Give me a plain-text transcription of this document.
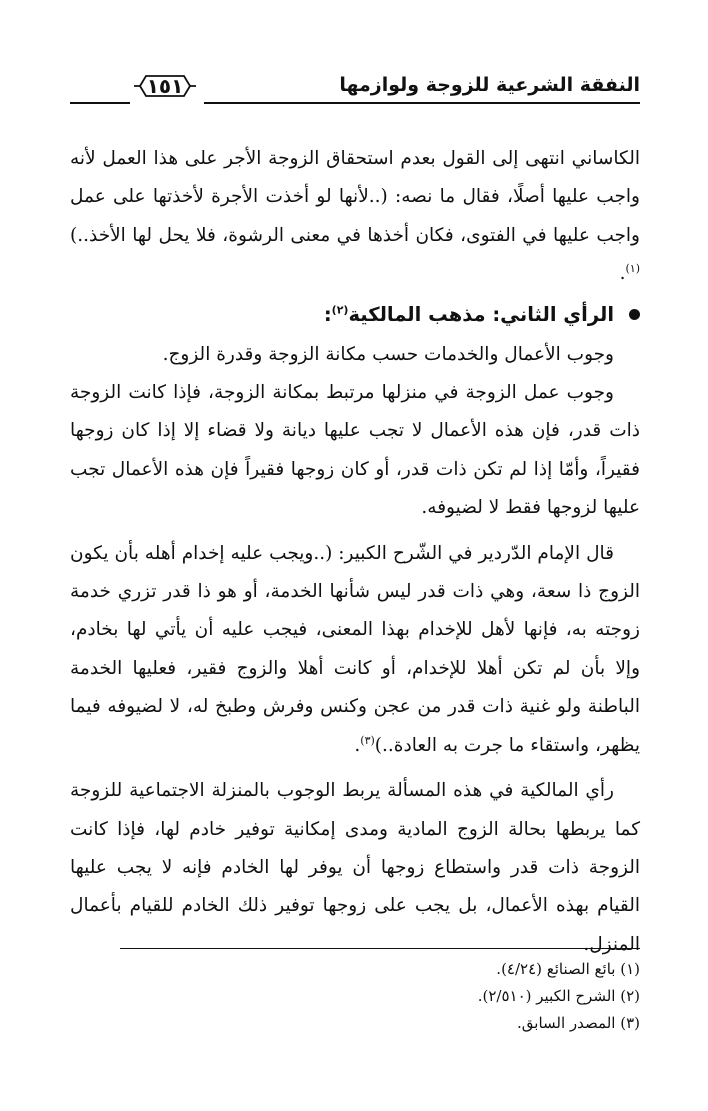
النفقة الشرعية للزوجة ولوازمها
١٥١

الكاساني انتهى إلى القول بعدم استحقاق الزوجة الأجر على هذا العمل لأنه واجب عليها أصلًا، فقال ما نصه: (..لأنها لو أخذت الأجرة لأخذتها على عمل واجب عليها في الفتوى، فكان أخذها في معنى الرشوة، فلا يحل لها الأخذ..)$^{(١)}$.

الرأي الثاني: مذهب المالكية$^{(٢)}$:

وجوب الأعمال والخدمات حسب مكانة الزوجة وقدرة الزوج.

وجوب عمل الزوجة في منزلها مرتبط بمكانة الزوجة، فإذا كانت الزوجة ذات قدر، فإن هذه الأعمال لا تجب عليها ديانة ولا قضاء إلا إذا كان زوجها فقيراً، وأمّا إذا لم تكن ذات قدر، أو كان زوجها فقيراً فإن هذه الأعمال تجب عليها لزوجها فقط لا لضيوفه.

قال الإمام الدّردير في الشّرح الكبير: (..ويجب عليه إخدام أهله بأن يكون الزوج ذا سعة، وهي ذات قدر ليس شأنها الخدمة، أو هو ذا قدر تزري خدمة زوجته به، فإنها لأهل للإخدام بهذا المعنى، فيجب عليه أن يأتي لها بخادم، وإلا بأن لم تكن أهلا للإخدام، أو كانت أهلا والزوج فقير، فعليها الخدمة الباطنة ولو غنية ذات قدر من عجن وكنس وفرش وطبخ له، لا لضيوفه فيما يظهر، واستقاء ما جرت به العادة..)$^{(٣)}$.

رأي المالكية في هذه المسألة يربط الوجوب بالمنزلة الاجتماعية للزوجة كما يربطها بحالة الزوج المادية ومدى إمكانية توفير خادم لها، فإذا كانت الزوجة ذات قدر واستطاع زوجها أن يوفر لها الخادم فإنه لا يجب عليها القيام بهذه الأعمال، بل يجب على زوجها توفير ذلك الخادم للقيام بأعمال المنزل.

(١) بائع الصنائع (٤/٢٤).

(٢) الشرح الكبير (٢/٥١٠).

(٣) المصدر السابق.
